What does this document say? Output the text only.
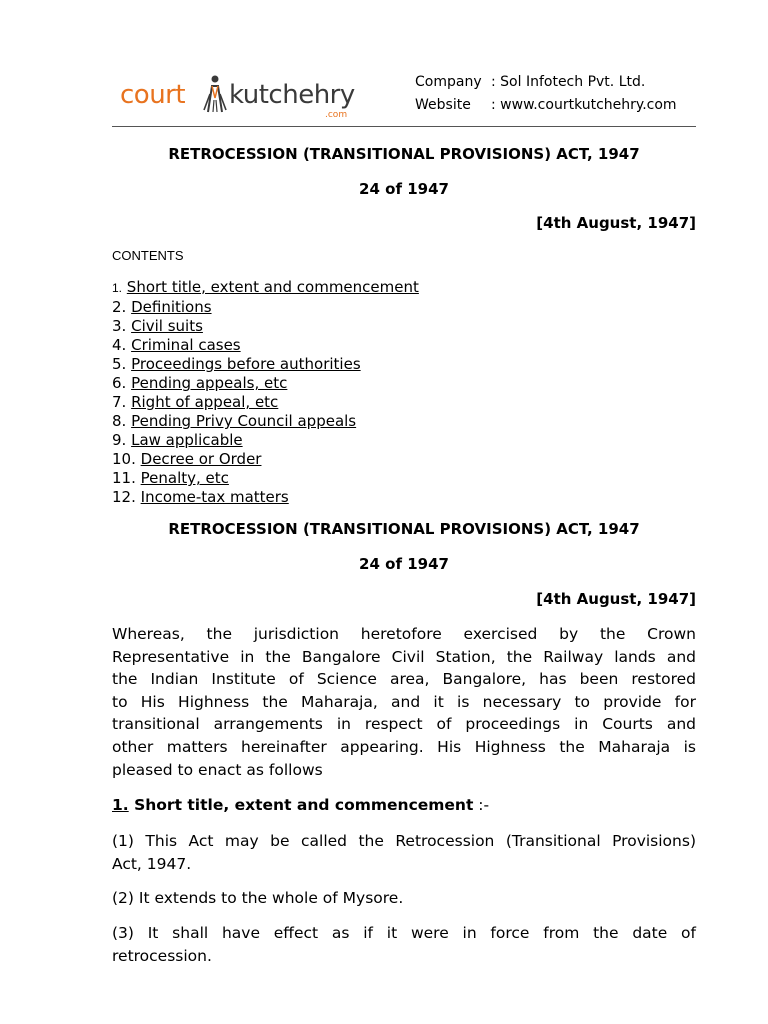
court kutchehry
.com
Company : Sol Infotech Pvt. Ltd.
Website : www.courtkutchehry.com
RETROCESSION (TRANSITIONAL PROVISIONS) ACT, 1947
24 of 1947
[4th August, 1947]
CONTENTS
1. Short title, extent and commencement
2. Definitions
3. Civil suits
4. Criminal cases
5. Proceedings before authorities
6. Pending appeals, etc
7. Right of appeal, etc
8. Pending Privy Council appeals
9. Law applicable
10. Decree or Order
11. Penalty, etc
12. Income-tax matters
RETROCESSION (TRANSITIONAL PROVISIONS) ACT, 1947
24 of 1947
[4th August, 1947]
Whereas, the jurisdiction heretofore exercised by the Crown
Representative in the Bangalore Civil Station, the Railway lands and
the Indian Institute of Science area, Bangalore, has been restored
to His Highness the Maharaja, and it is necessary to provide for
transitional arrangements in respect of proceedings in Courts and
other matters hereinafter appearing. His Highness the Maharaja is
pleased to enact as follows
1. Short title, extent and commencement :-
(1) This Act may be called the Retrocession (Transitional Provisions)
Act, 1947.
(2) It extends to the whole of Mysore.
(3) It shall have effect as if it were in force from the date of
retrocession.
